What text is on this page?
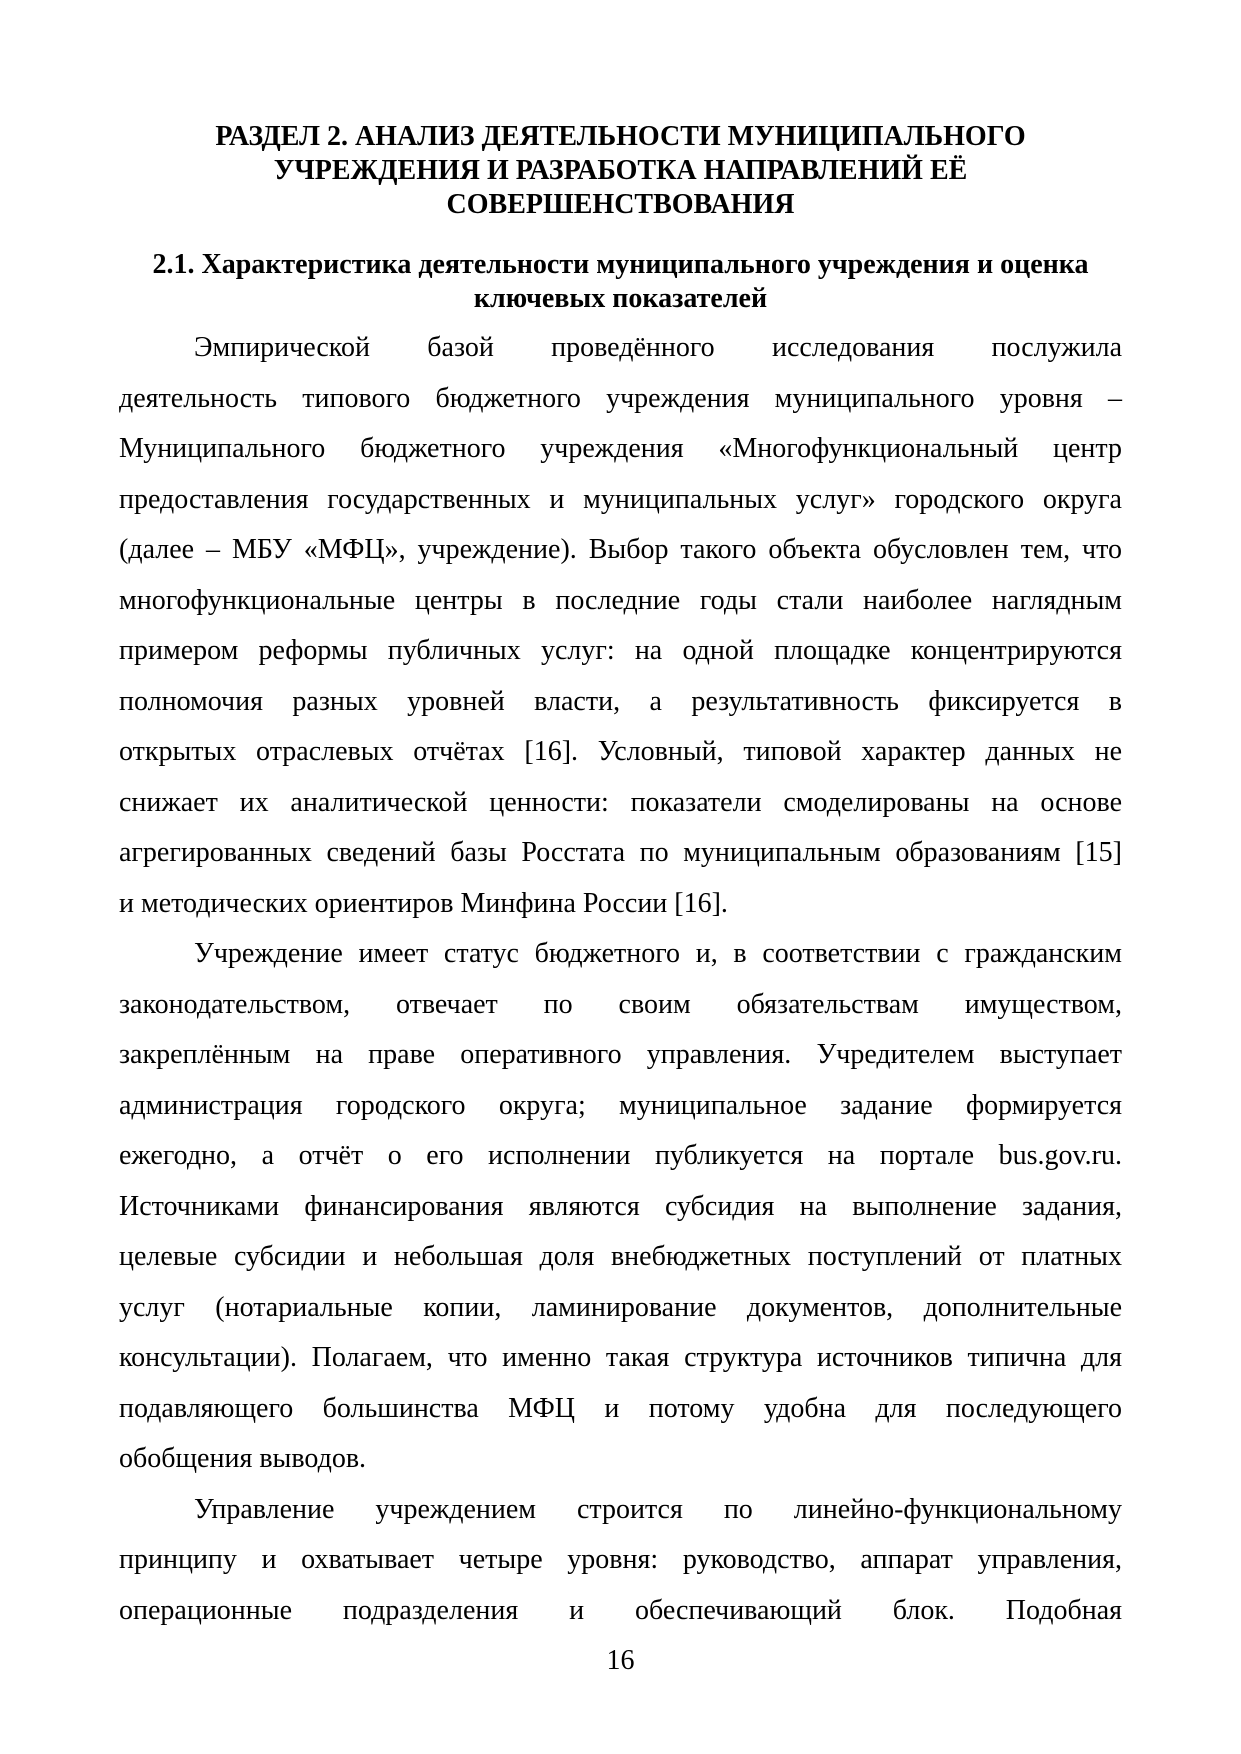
РАЗДЕЛ 2. АНАЛИЗ ДЕЯТЕЛЬНОСТИ МУНИЦИПАЛЬНОГО
УЧРЕЖДЕНИЯ И РАЗРАБОТКА НАПРАВЛЕНИЙ ЕЁ
СОВЕРШЕНСТВОВАНИЯ
2.1. Характеристика деятельности муниципального учреждения и оценка
ключевых показателей

Эмпирической базой проведённого исследования послужила
деятельность типового бюджетного учреждения муниципального уровня –
Муниципального бюджетного учреждения «Многофункциональный центр
предоставления государственных и муниципальных услуг» городского округа
(далее – МБУ «МФЦ», учреждение). Выбор такого объекта обусловлен тем, что
многофункциональные центры в последние годы стали наиболее наглядным
примером реформы публичных услуг: на одной площадке концентрируются
полномочия разных уровней власти, а результативность фиксируется в
открытых отраслевых отчётах [16]. Условный, типовой характер данных не
снижает их аналитической ценности: показатели смоделированы на основе
агрегированных сведений базы Росстата по муниципальным образованиям [15]
и методических ориентиров Минфина России [16].

Учреждение имеет статус бюджетного и, в соответствии с гражданским
законодательством, отвечает по своим обязательствам имуществом,
закреплённым на праве оперативного управления. Учредителем выступает
администрация городского округа; муниципальное задание формируется
ежегодно, а отчёт о его исполнении публикуется на портале bus.gov.ru.
Источниками финансирования являются субсидия на выполнение задания,
целевые субсидии и небольшая доля внебюджетных поступлений от платных
услуг (нотариальные копии, ламинирование документов, дополнительные
консультации). Полагаем, что именно такая структура источников типична для
подавляющего большинства МФЦ и потому удобна для последующего
обобщения выводов.

Управление учреждением строится по линейно-функциональному
принципу и охватывает четыре уровня: руководство, аппарат управления,
операционные подразделения и обеспечивающий блок. Подобная

16
